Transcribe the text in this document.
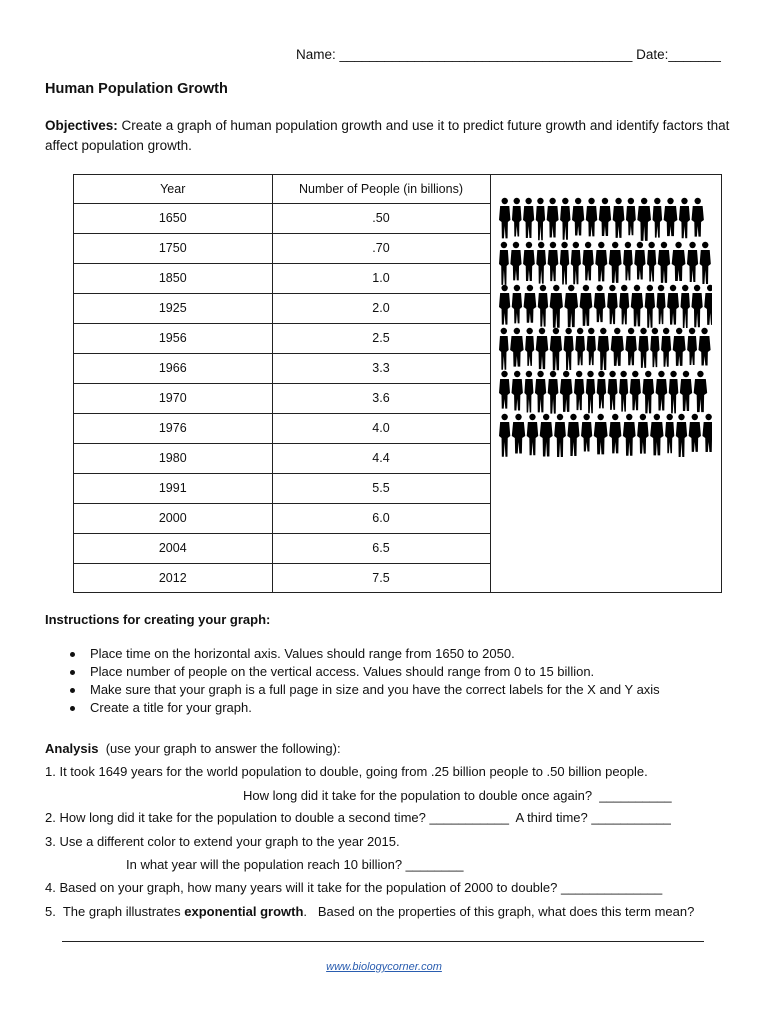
Name: _______________________________________ Date:_______
Human Population Growth
Objectives: Create a graph of human population growth and use it to predict future growth and identify factors that affect population growth.
Year	Number of People (in billions)
1650	.50
1750	.70
1850	1.0
1925	2.0
1956	2.5
1966	3.3
1970	3.6
1976	4.0
1980	4.4
1991	5.5
2000	6.0
2004	6.5
2012	7.5
Instructions for creating your graph:
Place time on the horizontal axis. Values should range from 1650 to 2050.
Place number of people on the vertical access. Values should range from 0 to 15 billion.
Make sure that your graph is a full page in size and you have the correct labels for the X and Y axis
Create a title for your graph.
Analysis  (use your graph to answer the following):
1. It took 1649 years for the world population to double, going from .25 billion people to .50 billion people.
How long did it take for the population to double once again?  __________
2. How long did it take for the population to double a second time? ___________  A third time? ___________
3. Use a different color to extend your graph to the year 2015.
In what year will the population reach 10 billion? ________
4. Based on your graph, how many years will it take for the population of 2000 to double? ______________
5.  The graph illustrates exponential growth.   Based on the properties of this graph, what does this term mean?
www.biologycorner.com
